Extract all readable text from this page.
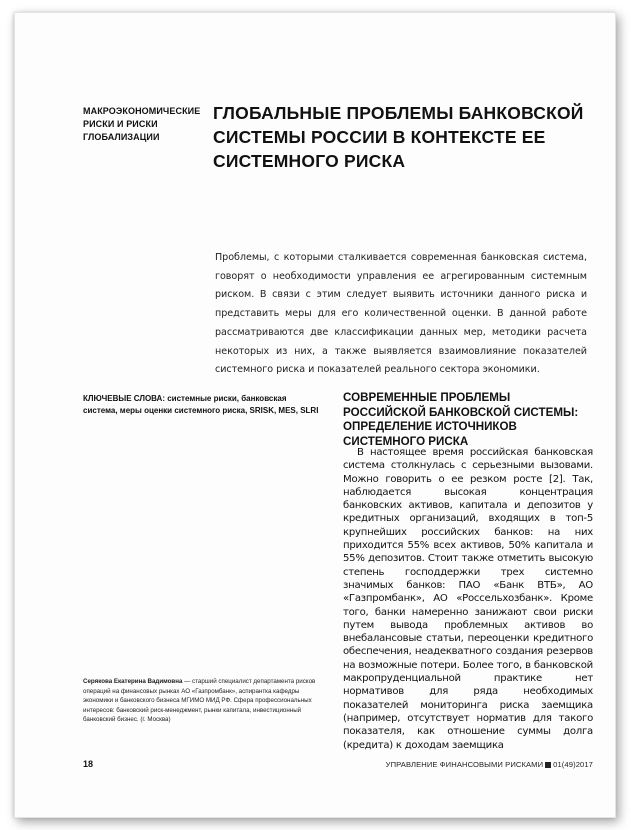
МАКРОЭКОНОМИЧЕСКИЕ РИСКИ И РИСКИ ГЛОБАЛИЗАЦИИ
ГЛОБАЛЬНЫЕ ПРОБЛЕМЫ БАНКОВСКОЙ СИСТЕМЫ РОССИИ В КОНТЕКСТЕ ЕЕ СИСТЕМНОГО РИСКА
Проблемы, с которыми сталкивается современная банковская система, говорят о необходимости управления ее агрегированным системным риском. В связи с этим следует выявить источники данного риска и представить меры для его количественной оценки. В данной работе рассматриваются две классификации данных мер, методики расчета некоторых из них, а также выявляется взаимовлияние показателей системного риска и показателей реального сектора экономики.
КЛЮЧЕВЫЕ СЛОВА: системные риски, банковская система, меры оценки системного риска, SRISK, MES, SLRI
СОВРЕМЕННЫЕ ПРОБЛЕМЫ РОССИЙСКОЙ БАНКОВСКОЙ СИСТЕМЫ: ОПРЕДЕЛЕНИЕ ИСТОЧНИКОВ СИСТЕМНОГО РИСКА

В настоящее время российская банковская система столкнулась с серьезными вызовами. Можно говорить о ее резком росте [2]. Так, наблюдается высокая концентрация банковских активов, капитала и депозитов у кредитных организаций, входящих в топ-5 крупнейших российских банков: на них приходится 55% всех активов, 50% капитала и 55% депозитов. Стоит также отметить высокую степень господдержки трех системно значимых банков: ПАО «Банк ВТБ», АО «Газпромбанк», АО «Россельхозбанк». Кроме того, банки намеренно занижают свои риски путем вывода проблемных активов во внебалансовые статьи, переоценки кредитного обеспечения, неадекватного создания резервов на возможные потери. Более того, в банковской макропруденциальной практике нет нормативов для ряда необходимых показателей мониторинга риска заемщика (например, отсутствует норматив для такого показателя, как отношение суммы долга (кредита) к доходам заемщика

Серякова Екатерина Вадимовна — старший специалист департамента рисков операций на финансовых рынках АО «Газпромбанк», аспирантка кафедры экономики и банковского бизнеса МГИМО МИД РФ. Сфера профессиональных интересов: банковский риск-менеджмент, рынки капитала, инвестиционный банковский бизнес. (г. Москва)
18	УПРАВЛЕНИЕ ФИНАНСОВЫМИ РИСКАМИ 01(49)2017
